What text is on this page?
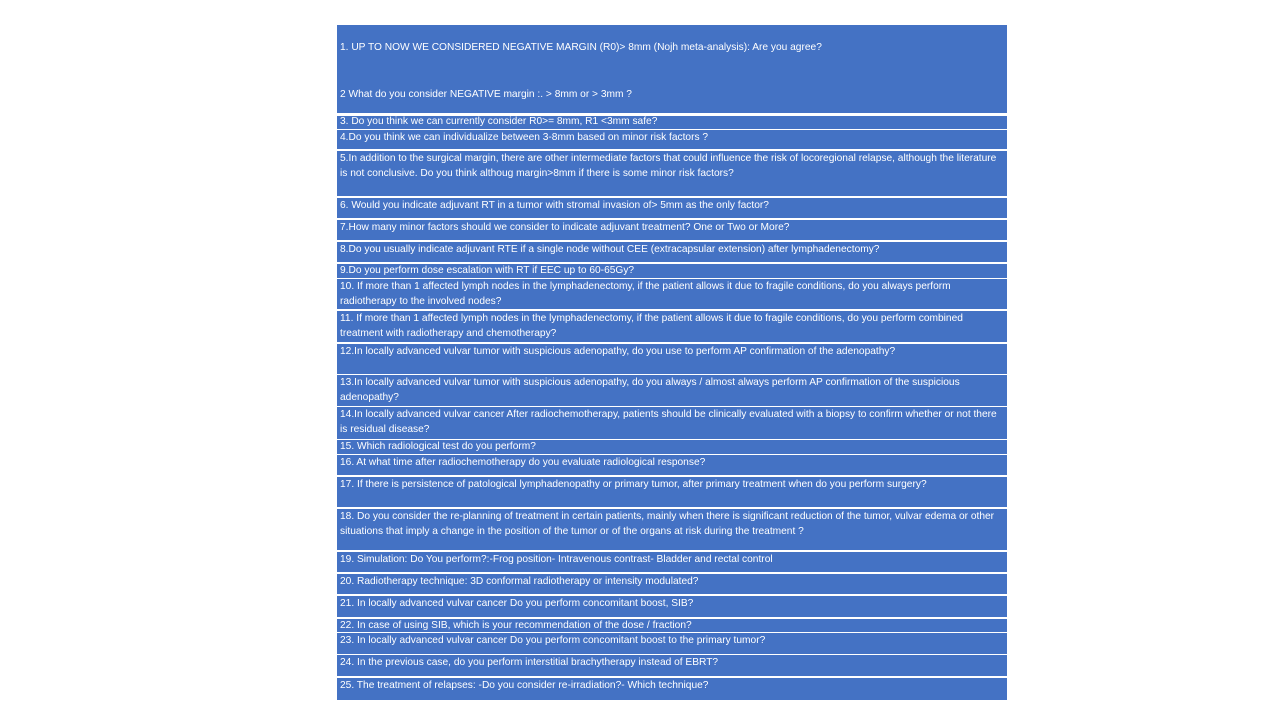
1. UP TO NOW WE CONSIDERED NEGATIVE MARGIN (R0)> 8mm (Nojh meta-analysis): Are you agree?
2 What do you consider NEGATIVE margin :. > 8mm or > 3mm ?
3. Do you think we can currently consider R0>= 8mm, R1 <3mm safe?
4.Do you think we can individualize between 3-8mm based on minor risk factors ?
5.In addition to the surgical margin, there are other intermediate factors that could influence the risk of locoregional relapse, although the literature is not conclusive. Do you think althoug margin>8mm if there is some minor risk factors?
6. Would you indicate adjuvant RT in a tumor with stromal invasion of> 5mm as the only factor?
7.How many minor factors should we consider to indicate adjuvant treatment? One or Two or More?
8.Do you usually indicate adjuvant RTE if a single node without CEE (extracapsular extension) after lymphadenectomy?
9.Do you perform dose escalation with RT if EEC up to 60-65Gy?
10. If more than 1 affected lymph nodes in the lymphadenectomy, if the patient allows it due to fragile conditions, do you always perform radiotherapy to the involved nodes?
11. If more than 1 affected lymph nodes in the lymphadenectomy, if the patient allows it due to fragile conditions, do you perform combined treatment with radiotherapy and chemotherapy?
12.In locally advanced vulvar tumor with suspicious adenopathy, do you use to perform AP confirmation of the adenopathy?
13.In locally advanced vulvar tumor with suspicious adenopathy, do you always / almost always perform AP confirmation of the suspicious adenopathy?
14.In locally advanced vulvar cancer After radiochemotherapy, patients should be clinically evaluated with a biopsy to confirm whether or not there is residual disease?
15. Which radiological test do you perform?
16. At what time after radiochemotherapy do you evaluate radiological response?
17. If there is persistence of patological lymphadenopathy or primary tumor, after primary treatment when do you perform surgery?
18. Do you consider the re-planning of treatment in certain patients, mainly when there is significant reduction of the tumor, vulvar edema or other situations that imply a change in the position of the tumor or of the organs at risk during the treatment ?
19. Simulation: Do You perform?:-Frog position- Intravenous contrast- Bladder and rectal control
20. Radiotherapy technique: 3D conformal radiotherapy or intensity modulated?
21. In locally advanced vulvar cancer Do you perform concomitant boost, SIB?
22. In case of using SIB, which is your recommendation of the dose / fraction?
23. In locally advanced vulvar cancer Do you perform concomitant boost to the primary tumor?
24. In the previous case, do you perform interstitial brachytherapy instead of EBRT?
25. The treatment of relapses: -Do you consider re-irradiation?- Which technique?
